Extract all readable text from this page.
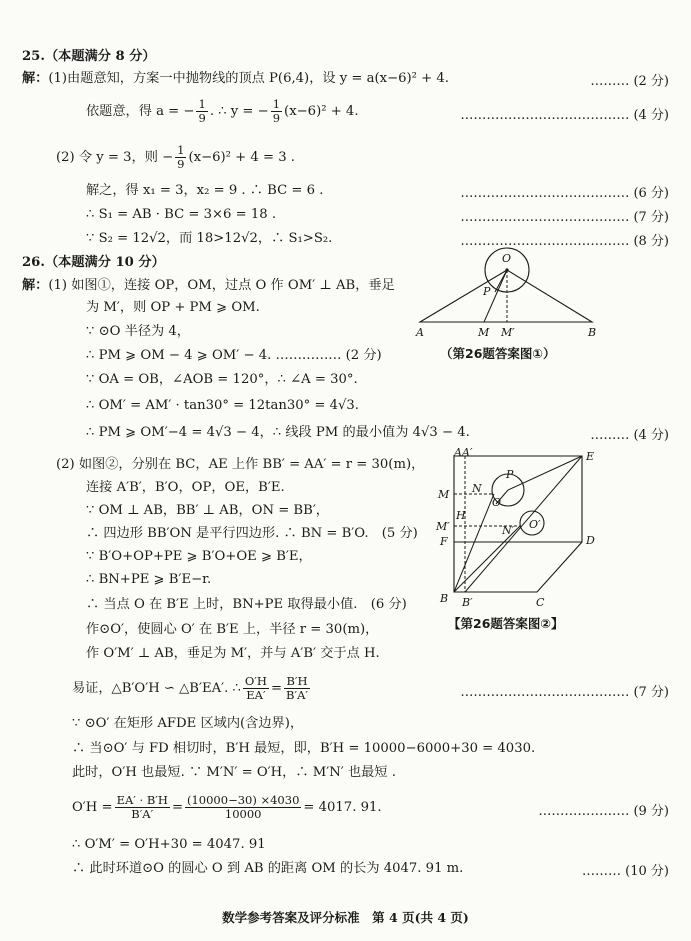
25.（本题满分 8 分）
解：(1)由题意知，方案一中抛物线的顶点 P(6,4)，设 y = a(x−6)² + 4.	……… (2 分)
依题意，得 a = − $\frac{1}{9}$ . ∴ y = − $\frac{1}{9} (x-6)^2 + 4$.	………………………………… (4 分)
(2) 令 y = 3，则 − $\frac{1}{9} (x-6)^2 + 4 = 3$ .
解之，得 x₁ = 3，x₂ = 9 . ∴ BC = 6 .	………………………………… (6 分)
∴ S₁ = AB · BC = 3×6 = 18 .	………………………………… (7 分)
∵ S₂ = 12√2，而 18>12√2，∴ S₁>S₂.	………………………………… (8 分)
26.（本题满分 10 分）
解：(1) 如图①，连接 OP，OM，过点 O 作 OM′ ⊥ AB，垂足
为 M′，则 OP + PM ⩾ OM.
∵ ⊙O 半径为 4，
∴ PM ⩾ OM − 4 ⩾ OM′ − 4. …………… (2 分)
∵ OA = OB，∠AOB = 120°，∴ ∠A = 30°.
∴ OM′ = AM′ · tan30° = 12tan30° = 4√3.
∴ PM ⩾ OM′−4 = 4√3 − 4，∴ 线段 PM 的最小值为 4√3 − 4.	……… (4 分)
O
P
A	M M′	B
（第26题答案图①）
(2) 如图②，分别在 BC，AE 上作 BB′ = AA′ = r = 30(m)，
连接 A′B′，B′O，OP，OE，B′E.
∵ OM ⊥ AB，BB′ ⊥ AB，ON = BB′，
∴ 四边形 BB′ON 是平行四边形. ∴ BN = B′O.　 (5 分)
∵ B′O+OP+PE ⩾ B′O+OE ⩾ B′E，
∴ BN+PE ⩾ B′E−r.
∴ 当点 O 在 B′E 上时，BN+PE 取得最小值.　 (6 分)
作⊙O′，使圆心 O′ 在 B′E 上，半径 r = 30(m)，
作 O′M′ ⊥ AB，垂足为 M′，并与 A′B′ 交于点 H.
A A′	E
M
H
M′
F
N
P
O
N′ O′
D
B B′	C
【第26题答案图②】
易证，△B′O′H ∽ △B′EA′. ∴ $\frac{O'H}{EA'} = \frac{B'H}{B'A'}$	………………………………… (7 分)
∵ ⊙O′ 在矩形 AFDE 区域内(含边界)，
∴ 当⊙O′ 与 FD 相切时，B′H 最短，即，B′H = 10000−6000+30 = 4030.
此时，O′H 也最短. ∵ M′N′ = O′H，∴ M′N′ 也最短 .
$O'H = \frac{EA' \cdot B'H}{B'A'} = \frac{(10000-30) \times 4030}{10000} = 4017$. 91.	………………… (9 分)
∴ O′M′ = O′H+30 = 4047. 91
∴ 此时环道⊙O 的圆心 O 到 AB 的距离 OM 的长为 4047. 91 m.	……… (10 分)
数学参考答案及评分标准　第 4 页(共 4 页)
